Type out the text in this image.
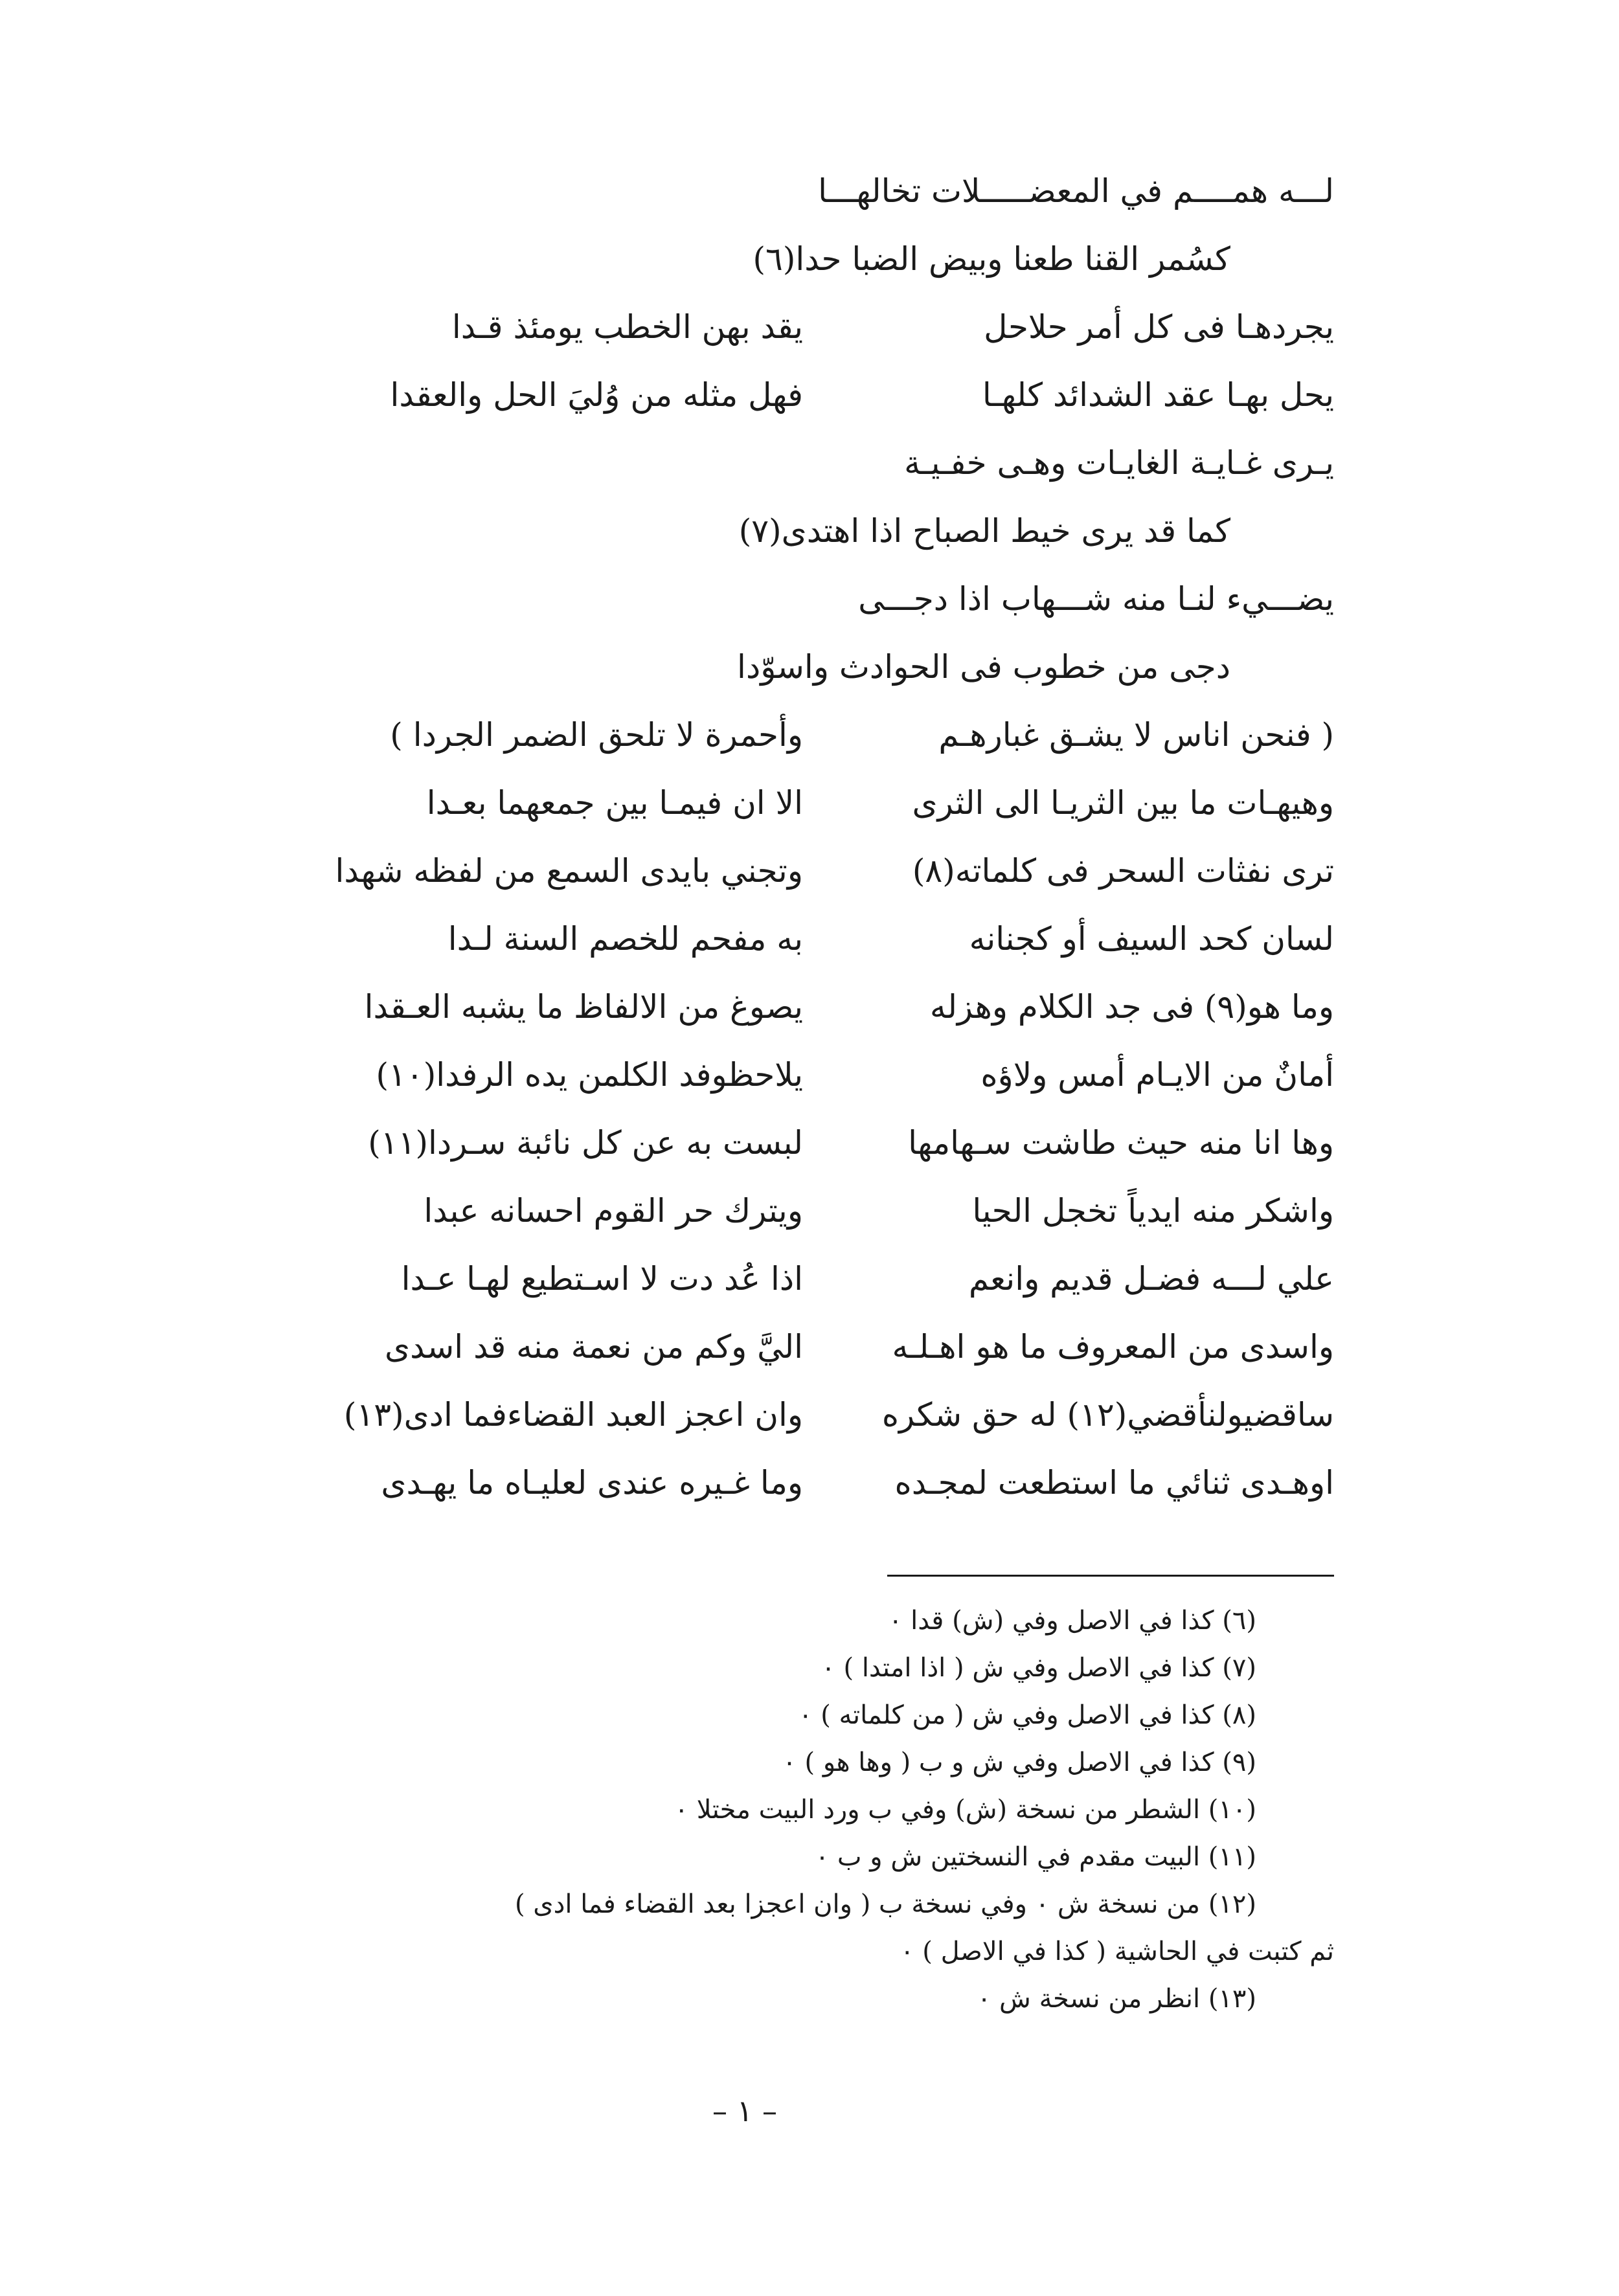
لـــه همــــم في المعضـــــلات تخالهـــا
كسُمر القنا طعنا وبيض الضبا حدا(٦)
يجردهـا فى كل أمر حلاحل
يقد بهن الخطب يومئذ قـدا
يحل بهـا عقد الشدائد كلهـا
فهل مثله من وُليَ الحل والعقدا
يـرى غـايـة الغايـات وهـى خفـيـة
كما قد يرى خيط الصباح اذا اهتدى(٧)
يضـــيء لنـا منه شـــهاب اذا دجـــى
دجى من خطوب فى الحوادث واسوّدا
( فنحن اناس لا يشـق غبارهـم
وأحمرة لا تلحق الضمر الجردا )
وهيهـات ما بين الثريـا الى الثرى
الا ان فيمـا بين جمعهما بعـدا
ترى نفثات السحر فى كلماته(٨)
وتجني بايدى السمع من لفظه شهدا
لسان كحد السيف أو كجنانه
به مفحم للخصم السنة لـدا
وما هو(٩) فى جد الكلام وهزله
يصوغ من الالفاظ ما يشبه العـقدا
أمانٌ من الايـام أمس ولاؤه
يلاحظوفد الكلمن يده الرفدا(١٠)
وها انا منه حيث طاشت سـهامها
لبست به عن كل نائبة سـردا(١١)
واشكر منه ايدياً تخجل الحيا
ويترك حر القوم احسانه عبدا
علي لـــه فضـل قديم وانعم
اذا عُد دت لا اسـتطيع لهـا عـدا
واسدى من المعروف ما هو اهـلـه
اليَّ وكم من نعمة منه قد اسدى
ساقضيولنأقضي(١٢) له حق شكره
وان اعجز العبد القضاءفما ادى(١٣)
اوهـدى ثنائي ما استطعت لمجـده
وما غـيره عندى لعليـاه ما يهـدى
(٦) كذا في الاصل وفي (ش) قدا ٠
(٧) كذا في الاصل وفي ش ( اذا امتدا ) ٠
(٨) كذا في الاصل وفي ش ( من كلماته ) ٠
(٩) كذا في الاصل وفي ش و ب ( وها هو ) ٠
(١٠) الشطر من نسخة (ش) وفي ب ورد البيت مختلا ٠
(١١) البيت مقدم في النسختين ش و ب ٠
(١٢) من نسخة ش ٠ وفي نسخة ب ( وان اعجزا بعد القضاء فما ادى )
ثم كتبت في الحاشية ( كذا في الاصل ) ٠
(١٣) انظر من نسخة ش ٠
– ١ –
